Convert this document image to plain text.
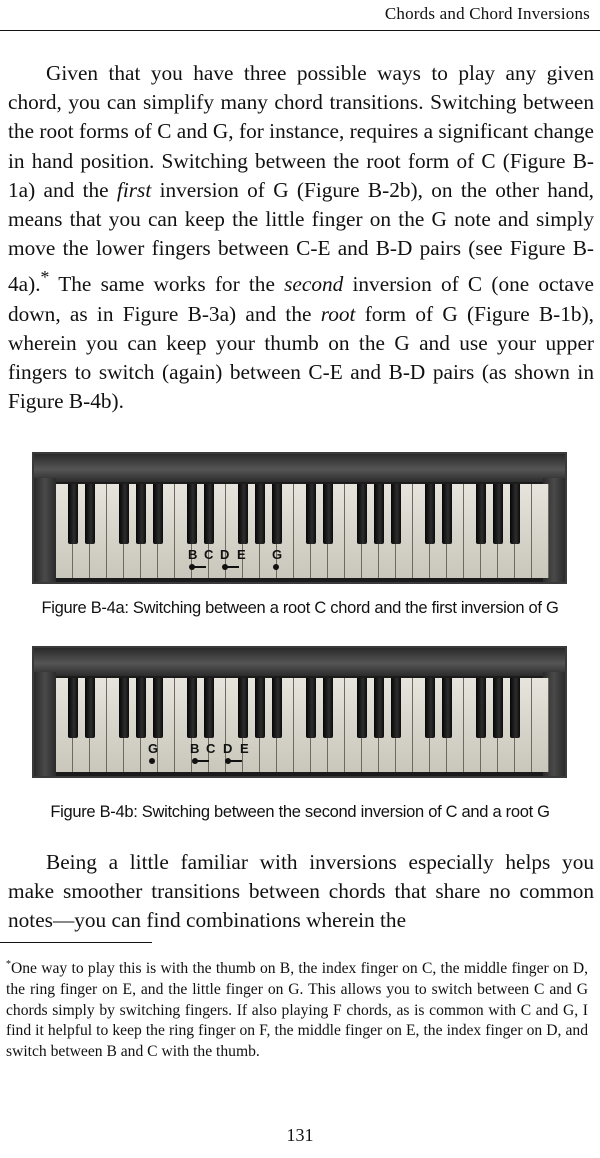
Chords and Chord Inversions

Given that you have three possible ways to play any given chord, you can simplify many chord transitions. Switching between the root forms of C and G, for instance, requires a significant change in hand position. Switching between the root form of C (Figure B-1a) and the first inversion of G (Figure B-2b), on the other hand, means that you can keep the little finger on the G note and simply move the lower fingers between C-E and B-D pairs (see Figure B-4a).* The same works for the second inversion of C (one octave down, as in Figure B-3a) and the root form of G (Figure B-1b), wherein you can keep your thumb on the G and use your upper fingers to switch (again) between C-E and B-D pairs (as shown in Figure B-4b).

B C D E G
Figure B-4a: Switching between a root C chord and the first inversion of G
G B C D E
Figure B-4b: Switching between the second inversion of C and a root G

Being a little familiar with inversions especially helps you make smoother transitions between chords that share no common notes—you can find combinations wherein the

*One way to play this is with the thumb on B, the index finger on C, the middle finger on D, the ring finger on E, and the little finger on G. This allows you to switch between C and G chords simply by switching fingers. If also playing F chords, as is common with C and G, I find it helpful to keep the ring finger on F, the middle finger on E, the index finger on D, and switch between B and C with the thumb.

131
